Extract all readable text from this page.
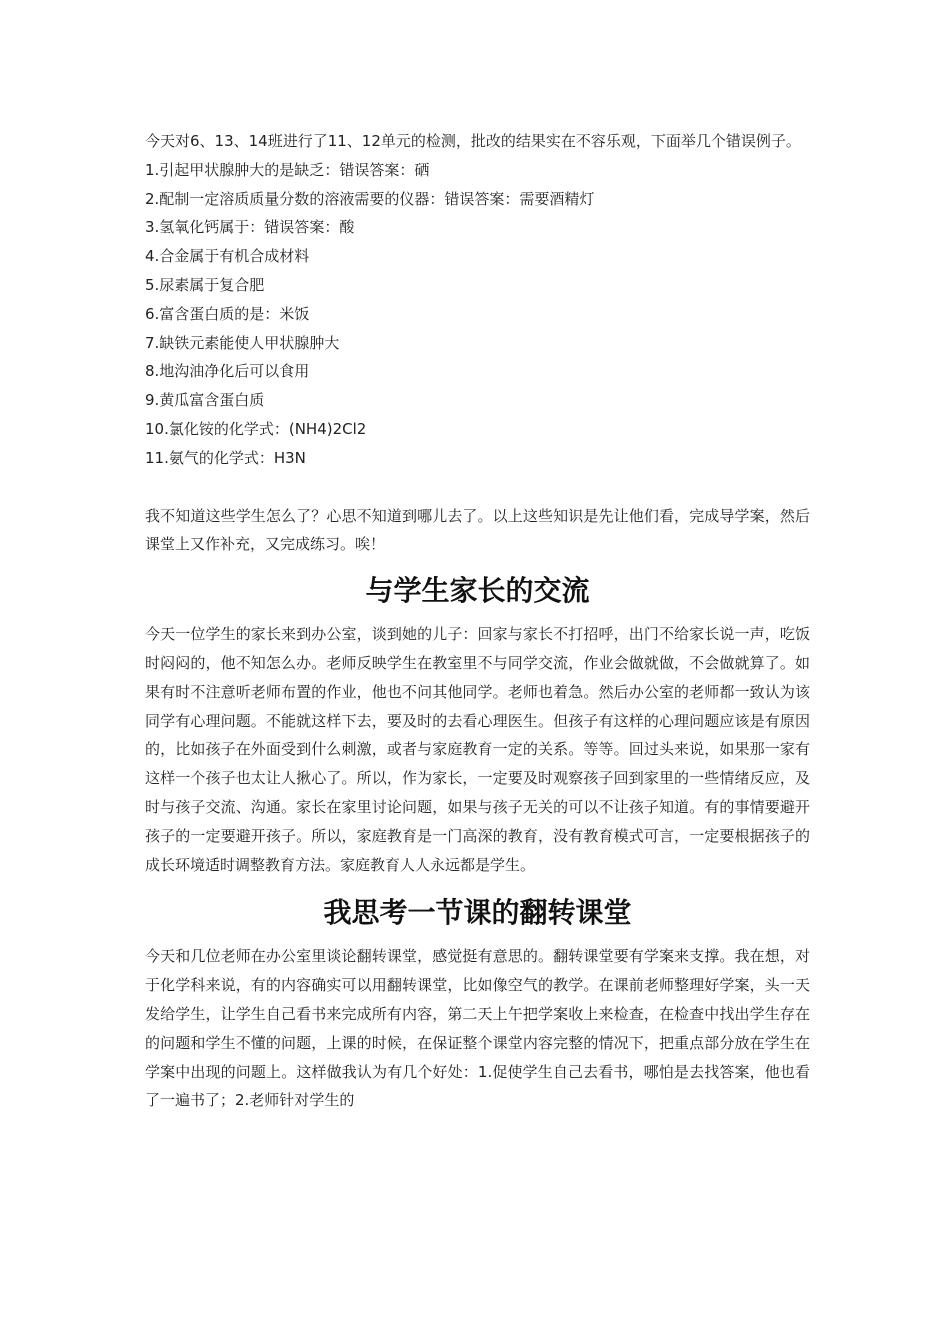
今天对6、13、14班进行了11、12单元的检测，批改的结果实在不容乐观，下面举几个错误例子。

1.引起甲状腺肿大的是缺乏：错误答案：硒
2.配制一定溶质质量分数的溶液需要的仪器：错误答案：需要酒精灯
3.氢氧化钙属于：错误答案：酸
4.合金属于有机合成材料
5.尿素属于复合肥
6.富含蛋白质的是：米饭
7.缺铁元素能使人甲状腺肿大
8.地沟油净化后可以食用
9.黄瓜富含蛋白质
10.氯化铵的化学式：(NH4)2Cl2
11.氨气的化学式：H3N

我不知道这些学生怎么了？心思不知道到哪儿去了。以上这些知识是先让他们看，完成导学案，然后课堂上又作补充，又完成练习。唉！

与学生家长的交流

今天一位学生的家长来到办公室，谈到她的儿子：回家与家长不打招呼，出门不给家长说一声，吃饭时闷闷的，他不知怎么办。老师反映学生在教室里不与同学交流，作业会做就做，不会做就算了。如果有时不注意听老师布置的作业，他也不问其他同学。老师也着急。然后办公室的老师都一致认为该同学有心理问题。不能就这样下去，要及时的去看心理医生。但孩子有这样的心理问题应该是有原因的，比如孩子在外面受到什么刺激，或者与家庭教育一定的关系。等等。回过头来说，如果那一家有这样一个孩子也太让人揪心了。所以，作为家长，一定要及时观察孩子回到家里的一些情绪反应，及时与孩子交流、沟通。家长在家里讨论问题，如果与孩子无关的可以不让孩子知道。有的事情要避开孩子的一定要避开孩子。所以，家庭教育是一门高深的教育，没有教育模式可言，一定要根据孩子的成长环境适时调整教育方法。家庭教育人人永远都是学生。

我思考一节课的翻转课堂

今天和几位老师在办公室里谈论翻转课堂，感觉挺有意思的。翻转课堂要有学案来支撑。我在想，对于化学科来说，有的内容确实可以用翻转课堂，比如像空气的教学。在课前老师整理好学案，头一天发给学生，让学生自己看书来完成所有内容，第二天上午把学案收上来检查，在检查中找出学生存在的问题和学生不懂的问题，上课的时候，在保证整个课堂内容完整的情况下，把重点部分放在学生在学案中出现的问题上。这样做我认为有几个好处：1.促使学生自己去看书，哪怕是去找答案，他也看了一遍书了；2.老师针对学生的
